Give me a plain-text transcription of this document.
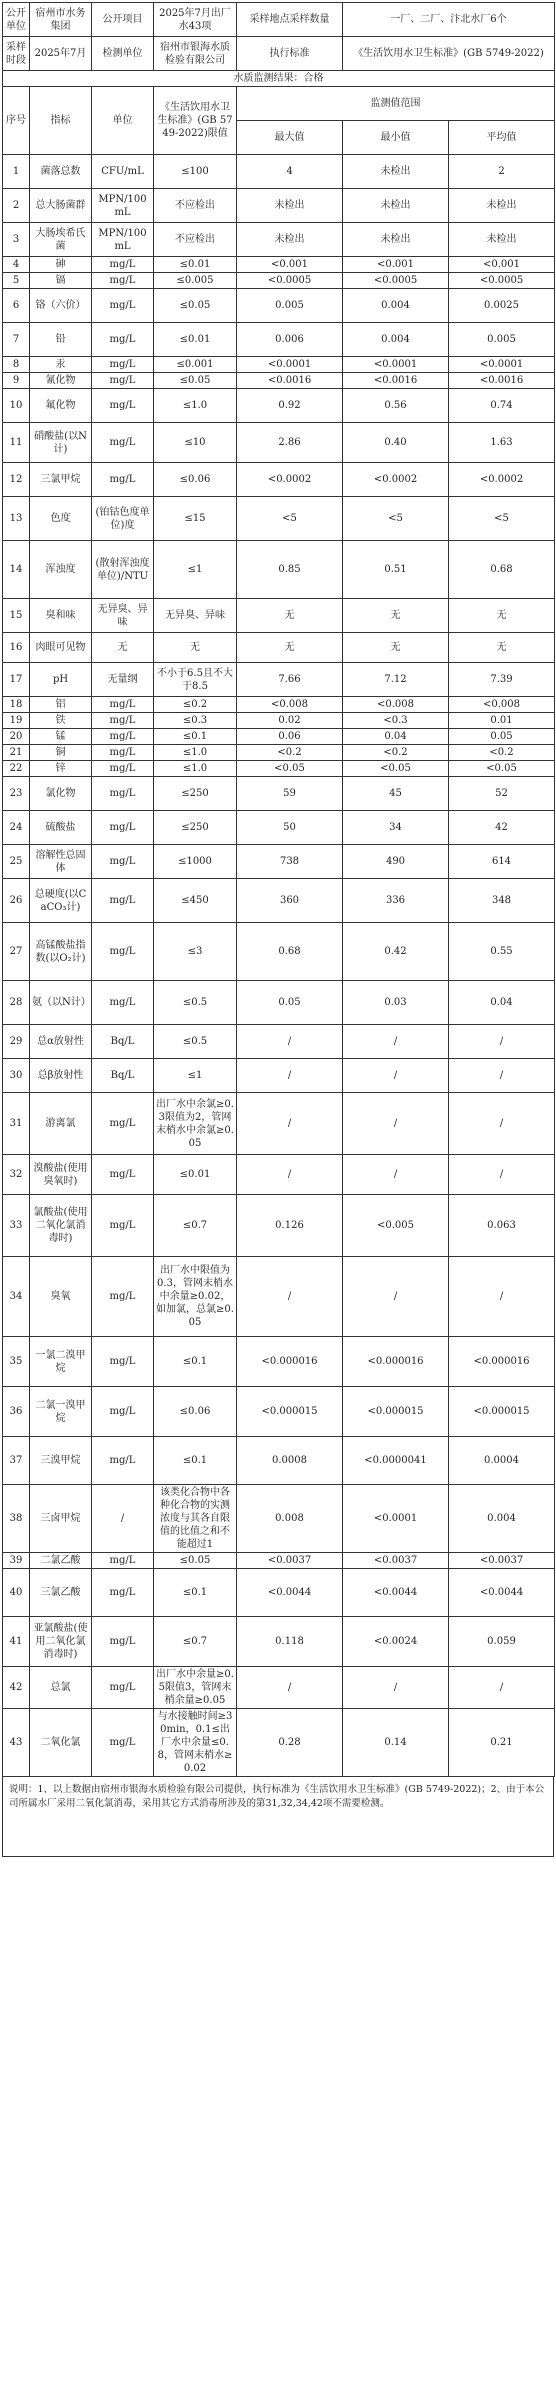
公开单位	宿州市水务集团	公开项目	2025年7月出厂水43项	采样地点采样数量	一厂、二厂、汴北水厂6个	
采样时段	2025年7月	检测单位	宿州市银海水质检验有限公司	执行标准	《生活饮用水卫生标准》(GB 5749-2022)	
水质监测结果：合格						
序号	指标	单位	《生活饮用水卫生标准》(GB 5749-2022)限值	监测值范围		
				最大值	最小值	平均值
1	菌落总数	CFU/mL	≤100	4	未检出	2
2	总大肠菌群	MPN/100mL	不应检出	未检出	未检出	未检出
3	大肠埃希氏菌	MPN/100mL	不应检出	未检出	未检出	未检出
4	砷	mg/L	≤0.01	<0.001	<0.001	<0.001
5	镉	mg/L	≤0.005	<0.0005	<0.0005	<0.0005
6	铬（六价）	mg/L	≤0.05	0.005	0.004	0.0025
7	铅	mg/L	≤0.01	0.006	0.004	0.005
8	汞	mg/L	≤0.001	<0.0001	<0.0001	<0.0001
9	氰化物	mg/L	≤0.05	<0.0016	<0.0016	<0.0016
10	氟化物	mg/L	≤1.0	0.92	0.56	0.74
11	硝酸盐(以N计)	mg/L	≤10	2.86	0.40	1.63
12	三氯甲烷	mg/L	≤0.06	<0.0002	<0.0002	<0.0002
13	色度	(铂钴色度单位)度	≤15	<5	<5	<5
14	浑浊度	(散射浑浊度单位)/NTU	≤1	0.85	0.51	0.68
15	臭和味	无异臭、异味	无异臭、异味	无	无	无
16	肉眼可见物	无	无	无	无	无
17	pH	无量纲	不小于6.5且不大于8.5	7.66	7.12	7.39
18	铝	mg/L	≤0.2	<0.008	<0.008	<0.008
19	铁	mg/L	≤0.3	0.02	<0.3	0.01
20	锰	mg/L	≤0.1	0.06	0.04	0.05
21	铜	mg/L	≤1.0	<0.2	<0.2	<0.2
22	锌	mg/L	≤1.0	<0.05	<0.05	<0.05
23	氯化物	mg/L	≤250	59	45	52
24	硫酸盐	mg/L	≤250	50	34	42
25	溶解性总固体	mg/L	≤1000	738	490	614
26	总硬度(以CaCO₃计)	mg/L	≤450	360	336	348
27	高锰酸盐指数(以O₂计)	mg/L	≤3	0.68	0.42	0.55
28	氨（以N计）	mg/L	≤0.5	0.05	0.03	0.04
29	总α放射性	Bq/L	≤0.5	/	/	/
30	总β放射性	Bq/L	≤1	/	/	/
31	游离氯	mg/L	出厂水中余氯≥0.3限值为2，管网末梢水中余氯≥0.05	/	/	/
32	溴酸盐(使用臭氧时)	mg/L	≤0.01	/	/	/
33	氯酸盐(使用二氧化氯消毒时)	mg/L	≤0.7	0.126	<0.005	0.063
34	臭氧	mg/L	出厂水中限值为0.3，管网末梢水中余量≥0.02，如加氯，总氯≥0.05	/	/	/
35	一氯二溴甲烷	mg/L	≤0.1	<0.000016	<0.000016	<0.000016
36	二氯一溴甲烷	mg/L	≤0.06	<0.000015	<0.000015	<0.000015
37	三溴甲烷	mg/L	≤0.1	0.0008	<0.0000041	0.0004
38	三卤甲烷	/	该类化合物中各种化合物的实测浓度与其各自限值的比值之和不能超过1	0.008	<0.0001	0.004
39	二氯乙酸	mg/L	≤0.05	<0.0037	<0.0037	<0.0037
40	三氯乙酸	mg/L	≤0.1	<0.0044	<0.0044	<0.0044
41	亚氯酸盐(使用二氧化氯消毒时)	mg/L	≤0.7	0.118	<0.0024	0.059
42	总氯	mg/L	出厂水中余量≥0.5限值3，管网末梢余量≥0.05	/	/	/
43	二氧化氯	mg/L	与水接触时间≥30min，0.1≤出厂水中余量≤0.8，管网末梢水≥0.02	0.28	0.14	0.21
说明：1、以上数据由宿州市银海水质检验有限公司提供，执行标准为《生活饮用水卫生标准》(GB 5749-2022)；2、由于本公司所属水厂采用二氧化氯消毒，采用其它方式消毒所涉及的第31,32,34,42项不需要检测。
